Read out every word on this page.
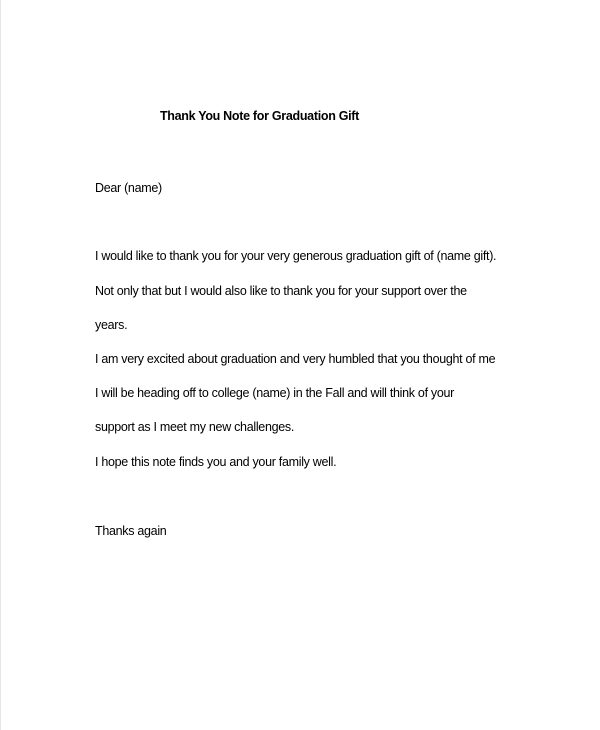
Thank You Note for Graduation Gift
Dear (name)
I would like to thank you for your very generous graduation gift of (name gift).
Not only that but I would also like to thank you for your support over the
years.
I am very excited about graduation and very humbled that you thought of me
I will be heading off to college (name) in the Fall and will think of your
support as I meet my new challenges.
I hope this note finds you and your family well.
Thanks again
